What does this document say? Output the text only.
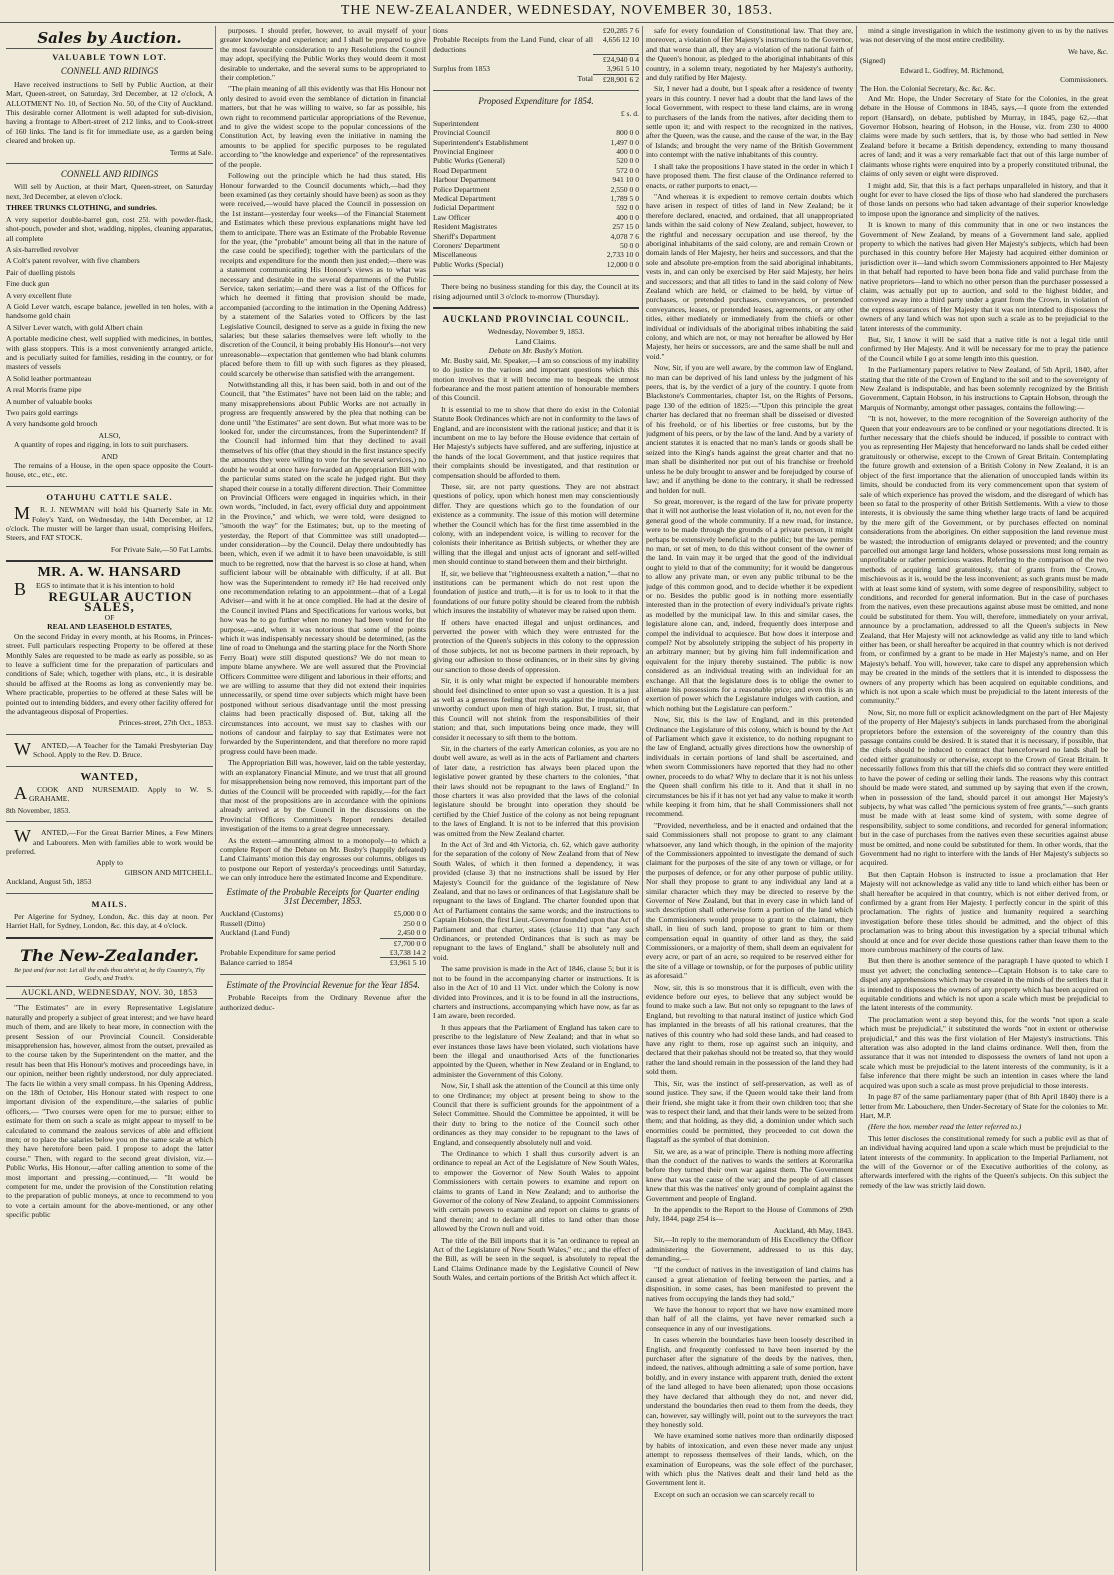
THE NEW-ZEALANDER, WEDNESDAY, NOVEMBER 30, 1853.
Sales by Auction.
VALUABLE TOWN LOT.
CONNELL AND RIDINGS

Have received instructions to Sell by Public Auction, at their Mart, Queen-street, on Saturday, 3rd December, at 12 o'clock, A ALLOTMENT No. 10, of Section No. 50, of the City of Auckland. This desirable corner Allotment is well adapted for sub-division, having a frontage to Albert-street of 212 links, and to Cook-street of 160 links. The land is fit for immediate use, as a garden being cleared and broken up.

Terms at Sale.
CONNELL AND RIDINGS

Will sell by Auction, at their Mart, Queen-street, on Saturday next, 3rd December, at eleven o'clock.

THREE TRUNKS CLOTHING, and sundries.

A very superior double-barrel gun, cost 25l. with powder-flask, shot-pouch, powder and shot, wadding, nipples, cleaning apparatus, all complete

A six-barrelled revolver

A Colt's patent revolver, with five chambers

Pair of duelling pistols

Fine duck gun

A very excellent flute

A Gold Lever watch, escape balance, jewelled in ten holes, with a handsome gold chain

A Silver Lever watch, with gold Albert chain

A portable medicine chest, well supplied with medicines, in bottles, with glass stoppers. This is a most conveniently arranged article, and is peculiarly suited for families, residing in the country, or for masters of vessels

A Solid leather portmanteau

A real Morris frame pipe

A number of valuable books

Two pairs gold earrings

A very handsome gold brooch

ALSO,

A quantity of ropes and rigging, in lots to suit purchasers.

AND

The remains of a House, in the open space opposite the Court-house, etc., etc., etc.

OTAHUHU CATTLE SALE.

MR. J. NEWMAN will hold his Quarterly Sale in Mr. Foley's Yard, on Wednesday, the 14th December, at 12 o'clock. The muster will be larger than usual, comprising Heifers, Steers, and FAT STOCK.

For Private Sale,—50 Fat Lambs.
MR. A. W. HANSARD

BEGS to intimate that it is his intention to hold

REGULAR AUCTION SALES,
OF
REAL AND LEASEHOLD ESTATES,

On the second Friday in every month, at his Rooms, in Princes-street. Full particulars respecting Property to be offered at these Monthly Sales are requested to be made as early as possible, so as to leave a sufficient time for the preparation of particulars and conditions of Sale; which, together with plans, etc., it is desirable should be affixed at the Rooms as long as conveniently may be. Where practicable, properties to be offered at these Sales will be pointed out to intending bidders, and every other facility offered for the advantageous disposal of Properties.

Princes-street, 27th Oct., 1853.

WANTED,—A Teacher for the Tamaki Presbyterian Day School. Apply to the Rev. D. Bruce.

WANTED,

ACOOK AND NURSEMAID. Apply to W. S. GRAHAME.

8th November, 1853.

WANTED,—For the Great Barrier Mines, a Few Miners and Labourers. Men with families able to work would be preferred.

Apply to
GIBSON AND MITCHELL.
Auckland, August 5th, 1853
MAILS.

Per Algerine for Sydney, London, &c. this day at noon. Per Harriet Hall, for Sydney, London, &c. this day, at 4 o'clock.

The New-Zealander.
Be just and fear not: Let all the ends thou aim'st at, be thy Country's, Thy God's, and Truth's.
AUCKLAND, WEDNESDAY, NOV. 30, 1853

"The Estimates" are in every Representative Legislature naturally and properly a subject of great interest; and we have heard much of them, and are likely to hear more, in connection with the present Session of our Provincial Council. Considerable misapprehension has, however, almost from the outset, prevailed as to the course taken by the Superintendent on the matter, and the result has been that His Honour's motives and proceedings have, in our opinion, neither been rightly understood, nor duly appreciated. The facts lie within a very small compass. In his Opening Address, on the 18th of October, His Honour stated with respect to one important division of the expenditure,—the salaries of public officers,— "Two courses were open for me to pursue; either to estimate for them on such a scale as might appear to myself to be calculated to command the zealous services of able and efficient men; or to place the salaries below you on the same scale at which they have heretofore been paid. I propose to adopt the latter course." Then, with regard to the second great division, viz.—Public Works, His Honour,—after calling attention to some of the most important and pressing,—continued,— "It would be competent for me, under the provision of the Constitution relating to the preparation of public moneys, at once to recommend to you to vote a certain amount for the above-mentioned, or any other specific public

purposes. I should prefer, however, to avail myself of your greater knowledge and experience; and I shall be prepared to give the most favourable consideration to any Resolutions the Council may adopt, specifying the Public Works they would deem it most desirable to undertake, and the several sums to be appropriated to their completion."

"The plain meaning of all this evidently was that His Honour not only desired to avoid even the semblance of dictation in financial matters, but that he was willing to waive, so far as possible, his own right to recommend particular appropriations of the Revenue, and to give the widest scope to the popular concessions of the Constitution Act, by leaving even the initiative in naming the amounts to be applied for specific purposes to be regulated according to "the knowledge and experience" of the representatives of the people.

Following out the principle which he had thus stated, His Honour forwarded to the Council documents which,—had they been examined (as they certainly should have been) as soon as they were received,—would have placed the Council in possession on the 1st instant—yesterday four weeks—of the Financial Statement and Estimates which these previous explanations might have led them to anticipate. There was an Estimate of the Probable Revenue for the year, (the "probable" amount being all that in the nature of the case could be specified); together with the particulars of the receipts and expenditure for the month then just ended;—there was a statement communicating His Honour's views as to what was necessary and desirable in the several departments of the Public Service, taken seriatim;—and there was a list of the Offices for which he deemed it fitting that provision should be made, accompanied (according to the intimation in the Opening Address) by a statement of the Salaries voted to Officers by the last Legislative Council, designed to serve as a guide in fixing the new salaries; but these salaries themselves were left wholly to the discretion of the Council, it being probably His Honour's—not very unreasonable—expectation that gentlemen who had blank columns placed before them to fill up with such figures as they pleased, could scarcely be otherwise than satisfied with the arrangement.

Notwithstanding all this, it has been said, both in and out of the Council, that "the Estimates" have not been laid on the table; and many misapprehensions about Public Works are not actually in progress are frequently answered by the plea that nothing can be done until "the Estimates" are sent down. But what more was to be looked for, under the circumstances, from the Superintendent? If the Council had informed him that they declined to avail themselves of his offer (that they should in the first instance specify the amounts they were willing to vote for the several services,) no doubt he would at once have forwarded an Appropriation Bill with the particular sums stated on the scale he judged right. But they shaped their course in a totally different direction. Their Committee on Provincial Officers were engaged in inquiries which, in their own words, "included, in fact, every official duty and appointment in the Province," and which, we were told, were designed to "smooth the way" for the Estimates; but, up to the meeting of yesterday, the Report of that Committee was still unadopted—under consideration—by the Council. Delay there undoubtedly has been, which, even if we admit it to have been unavoidable, is still much to be regretted, now that the harvest is so close at hand, when sufficient labour will be obtainable with difficulty, if at all. But how was the Superintendent to remedy it? He had received only one recommendation relating to an appointment—that of a Legal Adviser—and with it he at once complied. He had at the desire of the Council invited Plans and Specifications for various works, but how was he to go further when no money had been voted for the purpose,—and, when it was notorious that some of the points which it was indispensably necessary should be determined, (as the line of road to Onehunga and the starting place for the North Shore Ferry Boat) were still disputed questions? We do not mean to impute blame anywhere. We are well assured that the Provincial Officers Committee were diligent and laborious in their efforts; and we are willing to assume that they did not extend their inquiries unnecessarily, or spend time over subjects which might have been postponed without serious disadvantage until the most pressing claims had been practically disposed of. But, taking all the circumstances into account, we must say to clashes with our notions of candour and fairplay to say that Estimates were not forwarded by the Superintendent, and that therefore no more rapid progress could have been made.

The Appropriation Bill was, however, laid on the table yesterday, with an explanatory Financial Minute, and we trust that all ground for misapprehension being now removed, this important part of the duties of the Council will be proceeded with rapidly,—for the fact that most of the propositions are in accordance with the opinions already arrived at by the Council in the discussions on the Provincial Officers Committee's Report renders detailed investigation of the items to a great degree unnecessary.

As the extent—amounting almost to a monopoly—to which a complete Report of the Debate on Mr. Busby's (happily defeated) Land Claimants' motion this day engrosses our columns, obliges us to postpone our Report of yesterday's proceedings until Saturday, we can only introduce here the estimated Income and Expenditure.

Estimate of the Probable Receipts for Quarter ending 31st December, 1853.
Auckland (Customs)	£5,000 0 0
Russell (Ditto)	250 0 0
Auckland (Land Fund)	2,450 0 0
	£7,700 0 0
Probable Expenditure for same period	£3,738 14 2
Balance carried to 1854	£3,961 5 10
Estimate of the Provincial Revenue for the Year 1854.

Probable Receipts from the Ordinary Revenue after the authorized deduc-

tions	£20,285 7 6
Probable Receipts from the Land Fund, clear of all deductions	4,656 12 10
	£24,940 0 4
Surplus from 1853	3,961 5 10
Total	£28,901 6 2
Proposed Expenditure for 1854.
	£ s. d.
Superintendent	
Provincial Council	800 0 0
Superintendent's Establishment	1,497 0 0
Provincial Engineer	400 0 0
Public Works (General)	520 0 0
Road Department	572 0 0
Harbour Department	941 10 0
Police Department	2,550 0 0
Medical Department	1,789 5 0
Judicial Department	592 0 0
Law Officer	400 0 0
Resident Magistrates	257 15 0
Sheriff's Department	4,078 7 6
Coroners' Department	50 0 0
Miscellaneous	2,733 10 0
Public Works (Special)	12,000 0 0

There being no business standing for this day, the Council at its rising adjourned until 3 o'clock to-morrow (Thursday).

AUCKLAND PROVINCIAL COUNCIL.
Wednesday, November 9, 1853.
Land Claims.
Debate on Mr. Busby's Motion.

Mr. Busby said, Mr. Speaker,—I am so conscious of my inability to do justice to the various and important questions which this motion involves that it will become me to bespeak the utmost forbearance and the most patient attention of honourable members of this Council.

It is essential to me to show that there do exist in the Colonial Statute Book Ordinances which are not in conformity to the laws of England, and are inconsistent with the rational justice; and that it is incumbent on me to lay before the House evidence that certain of Her Majesty's subjects have suffered, and are suffering, injustice at the hands of the local Government, and that justice requires that their complaints should be investigated, and that restitution or compensation should be afforded to them.

These, sir, are not party questions. They are not abstract questions of policy, upon which honest men may conscientiously differ. They are questions which go to the foundation of our existence as a community. The issue of this motion will determine whether the Council which has for the first time assembled in the colony, with an independent voice, is willing to recover for the colonists their inheritance as British subjects, or whether they are willing that the illegal and unjust acts of ignorant and self-willed men should continue to stand between them and their birthright.

If, sir, we believe that "righteousness exalteth a nation,"—that no institutions can be permanent which do not rest upon the foundation of justice and truth,—it is for us to look to it that the foundations of our future polity should be cleared from the rubbish which insures the instability of whatever may be raised upon them.

If others have enacted illegal and unjust ordinances, and perverted the power with which they were entrusted for the protection of the Queen's subjects in this colony to the oppression of those subjects, let not us become partners in their reproach, by giving our adhesion to those ordinances, or in their sins by giving our sanction to those deeds of oppression.

Sir, it is only what might be expected if honourable members should feel disinclined to enter upon so vast a question. It is a just as well as a generous feeling that revolts against the imputation of unworthy conduct upon men of high station. But, I trust, sir, that this Council will not shrink from the responsibilities of their station; and that, such imputations being once made, they will consider it necessary to sift them to the bottom.

Sir, in the charters of the early American colonies, as you are no doubt well aware, as well as in the acts of Parliament and charters of later date, a restriction has always been placed upon the legislative power granted by these charters to the colonies, "that their laws should not be repugnant to the laws of England." In those charters it was also provided that the laws of the colonial legislature should be brought into operation they should be certified by the Chief Justice of the colony as not being repugnant to the laws of England. It is not to be inferred that this provision was omitted from the New Zealand charter.

In the Act of 3rd and 4th Victoria, ch. 62, which gave authority for the separation of the colony of New Zealand from that of New South Wales, of which it then formed a dependency, it was provided (clause 3) that no instructions shall be issued by Her Majesty's Council for the guidance of the legislature of New Zealand, and that no laws or ordinances of that Legislature shall be repugnant to the laws of England. The charter founded upon that Act of Parliament contains the same words; and the instructions to Captain Hobson, the first Lieut.-Governor founded upon that Act of Parliament and that charter, states (clause 11) that "any such Ordinances, or pretended Ordinances that is such as may be repugnant to the laws of England," shall be absolutely null and void.

The same provision is made in the Act of 1846, clause 5; but it is not to be found in the accompanying charter or instructions. It is also in the Act of 10 and 11 Vict. under which the Colony is now divided into Provinces, and it is to be found in all the instructions, charters and instructions, accompanying which have now, as far as I am aware, been recorded.

It thus appears that the Parliament of England has taken care to prescribe to the legislature of New Zealand; and that in what so ever instances those laws have been violated, such violations have been the illegal and unauthorised Acts of the functionaries appointed by the Queen, whether in New Zealand or in England, to administer the Government of this Colony.

Now, Sir, I shall ask the attention of the Council at this time only to one Ordinance; my object at present being to show to the Council that there is sufficient grounds for the appointment of a Select Committee. Should the Committee be appointed, it will be their duty to bring to the notice of the Council such other ordinances as they may consider to be repugnant to the laws of England, and consequently absolutely null and void.

The Ordinance to which I shall thus cursorily advert is an ordinance to repeal an Act of the Legislature of New South Wales, to empower the Governor of New South Wales to appoint Commissioners with certain powers to examine and report on claims to grants of Land in New Zealand; and to authorise the Governor of the colony of New Zealand, to appoint Commissioners with certain powers to examine and report on claims to grants of land therein; and to declare all titles to land other than those allowed by the Crown null and void.

The title of the Bill imports that it is "an ordinance to repeal an Act of the Legislature of New South Wales," etc.; and the effect of the Bill, as will be seen in the sequel, is absolutely to repeal the Land Claims Ordinance made by the Legislative Council of New South Wales, and certain portions of the British Act which affect it.

safe for every foundation of Constitutional law. That they are, moreover, a violation of Her Majesty's instructions to the Governor, and that worse than all, they are a violation of the national faith of the Queen's honour, as pledged to the aboriginal inhabitants of this country, in a solemn treaty, negotiated by her Majesty's authority, and duly ratified by Her Majesty.

Sir, I never had a doubt, but I speak after a residence of twenty years in this country. I never had a doubt that the land laws of the local Government, with respect to these land claims, are in wrong to purchasers of the lands from the natives, after deciding them to settle upon it; and with respect to the recognized in the natives, after the Queen, was the cause, and the cause of the war, in the Bay of Islands; and brought the very name of the British Government into contempt with the native inhabitants of this country.

I shall take the propositions I have stated in the order in which I have proposed them. The first clause of the Ordinance referred to enacts, or rather purports to enact,—

"And whereas it is expedient to remove certain doubts which have arisen in respect of titles of land in New Zealand; be it therefore declared, enacted, and ordained, that all unappropriated lands within the said colony of New Zealand, subject, however, to the rightful and necessary occupation and use thereof, by the aboriginal inhabitants of the said colony, are and remain Crown or domain lands of Her Majesty, her heirs and successors, and that the sole and absolute pre-emption from the said aboriginal inhabitants, vests in, and can only be exercised by Her said Majesty, her heirs and successors; and that all titles to land in the said colony of New Zealand which are held, or claimed to be held, by virtue of purchases, or pretended purchases, conveyances, or pretended conveyances, leases, or pretended leases, agreements, or any other titles, either mediately or immediately from the chiefs or other individual or individuals of the aboriginal tribes inhabiting the said colony, and which are not, or may not hereafter be allowed by Her Majesty, her heirs or successors, are and the same shall be null and void."

Now, Sir, if you are well aware, by the common law of England, no man can be deprived of his land unless by the judgment of his peers, that is, by the verdict of a jury of the country. I quote from Blackstone's Commentaries, chapter 1st, on the Rights of Persons, page 130 of the edition of 1825:—"Upon this principle the great charter has declared that no freeman shall be disseised or divested of his freehold, or of his liberties or free customs, but by the judgment of his peers, or by the law of the land. And by a variety of ancient statutes it is enacted that no man's lands or goods shall be seized into the King's hands against the great charter and that no man shall be disinherited nor put out of his franchise or freehold unless he be duly brought to answer and be forejudged by course of law; and if anything be done to the contrary, it shall be redressed and holden for null.

So great, moreover, is the regard of the law for private property that it will not authorise the least violation of it, no, not even for the general good of the whole community. If a new road, for instance, were to be made through the grounds of a private person, it might perhaps be extensively beneficial to the public; but the law permits no man, or set of men, to do this without consent of the owner of the land. In vain may it be urged that the good of the individual ought to yield to that of the community; for it would be dangerous to allow any private man, or even any public tribunal to be the judge of this common good, and to decide whether it be expedient or no. Besides the public good is in nothing more essentially interested than in the protection of every individual's private rights as modelled by the municipal law. In this and similar cases, the legislature alone can, and, indeed, frequently does interpose and compel the individual to acquiesce. But how does it interpose and compel? Not by absolutely stripping the subject of his property in an arbitrary manner; but by giving him full indemnification and equivalent for the injury thereby sustained. The public is now considered as an individual treating with an individual for an exchange. All that the legislature does is to oblige the owner to alienate his possessions for a reasonable price; and even this is an exertion of power which the Legislature indulges with caution, and which nothing but the Legislature can perform."

Now, Sir, this is the law of England, and in this pretended Ordinance the Legislature of this colony, which is bound by the Act of Parliament which gave it existence, to do nothing repugnant to the law of England, actually gives directions how the ownership of individuals in certain portions of land shall be ascertained, and when sworn Commissioners have reported that they had no other owner, proceeds to do what? Why to declare that it is not his unless the Queen shall confirm his title to it. And that it shall in no circumstances be his if it has not yet had any value to make it worth while keeping it from him, that he shall Commissioners shall not recommend.

"Provided, nevertheless, and be it enacted and ordained that the said Commissioners shall not propose to grant to any claimant whatsoever, any land which though, in the opinion of the majority of the Commissioners appointed to investigate the demand of such claimant for the purposes of the site of any town or village, or for the purposes of defence, or for any other purpose of public utility. Nor shall they propose to grant to any individual any land at a similar character which they may be directed to reserve by the Governor of New Zealand, but that in every case in which land of such description shall otherwise form a portion of the land which the Commissioners would propose to grant to the claimant, they shall, in lieu of such land, propose to grant to him or them compensation equal in quantity of other land as they, the said Commissioners, or a majority of them, shall deem an equivalent for every acre, or part of an acre, so required to be reserved either for the site of a village or township, or for the purposes of public utility as aforesaid."

Now, sir, this is so monstrous that it is difficult, even with the evidence before our eyes, to believe that any subject would be found to make such a law. But not only so repugnant to the laws of England, but revolting to that natural instinct of justice which God has implanted in the breasts of all his rational creatures, that the natives of this country who had sold these lands, and had ceased to have any right to them, rose up against such an iniquity, and declared that their pakehas should not be treated so, that they would rather the land should remain in the possession of the land they had sold them.

This, Sir, was the instinct of self-preservation, as well as of sound justice. They saw, if the Queen would take their land from their friend, she might take it from their own children too; that she was to respect their land, and that their lands were to be seized from them; and that holding, as they did, a dominion under which such enormities could be permitted, they proceeded to cut down the flagstaff as the symbol of that dominion.

Sir, we are, as a war of principle. There is nothing more affecting than the conduct of the natives to wards the settlers at Kororarika before they turned their own war against them. The Government knew that was the cause of the war; and the people of all classes knew that this was the natives' only ground of complaint against the Government and people of England.

In the appendix to the Report to the House of Commons of 29th July, 1844, page 254 is—

Auckland, 4th May, 1843.

Sir,—In reply to the memorandum of His Excellency the Officer administering the Government, addressed to us this day, demanding,—

"If the conduct of natives in the investigation of land claims has caused a great alienation of feeling between the parties, and a disposition, in some cases, has been manifested to prevent the natives from occupying the lands they had sold,"

We have the honour to report that we have now examined more than half of all the claims, yet have never remarked such a consequence in any of our investigations.

In cases wherein the boundaries have been loosely described in English, and frequently confessed to have been inserted by the purchaser after the signature of the deeds by the natives, then, indeed, the natives, although admitting a sale of some portion, have boldly, and in every instance with apparent truth, denied the extent of the land alleged to have been alienated; upon those occasions they have declared that although they do not, and never did, understand the boundaries then read to them from the deeds, they can, however, say willingly will, point out to the surveyors the tract they honestly sold.

We have examined some natives more than ordinarily disposed by habits of intoxication, and even these never made any unjust attempt to repossess themselves of their lands, which, on the examination of Europeans, was the sole effect of the purchaser, with which plus the Natives dealt and their land held as the Government lent it.

Except on such an occasion we can scarcely recall to

mind a single investigation in which the testimony given to us by the natives was not deserving of the most entire credibility.

We have, &c.
(Signed)
Edward L. Godfrey, M. Richmond,
Commissioners.
The Hon. the Colonial Secretary, &c. &c. &c.

And Mr. Hope, the Under Secretary of State for the Colonies, in the great debate in the House of Commons in 1845, says,—I quote from the extended report (Hansard), on debate, published by Murray, in 1845, page 62,—that Governor Hobson, hearing of Hobson, in the House, viz. from 230 to 4000 claims were made by such settlers, that is, by those who had settled in New Zealand before it became a British dependency, extending to many thousand acres of land; and it was a very remarkable fact that out of this large number of claimants whose rights were enquired into by a properly constituted tribunal, the claims of only seven or eight were disproved.

I might add, Sir, that this is a fact perhaps unparalleled in history, and that it ought for ever to have closed the lips of those who had slandered the purchasers of those lands on persons who had taken advantage of their superior knowledge to impose upon the ignorance and simplicity of the natives.

It is known to many of this community that in one or two instances the Government of New Zealand, by means of a Government land sale, applied property to which the natives had given Her Majesty's subjects, which had been purchased in this country before Her Majesty had acquired either dominion or jurisdiction over it—land which sworn Commissioners appointed to Her Majesty in that behalf had reported to have been bona fide and valid purchase from the native proprietors—land to which no other person than the purchaser possessed a claim, was actually put up to auction, and sold to the highest bidder, and conveyed away into a third party under a grant from the Crown, in violation of the express assurances of Her Majesty that it was not intended to dispossess the owners of any land which was not upon such a scale as to be prejudicial to the latent interests of the community.

But, Sir, I know it will be said that a native title is not a legal title until confirmed by Her Majesty. And it will be necessary for me to pray the patience of the Council while I go at some length into this question.

In the Parliamentary papers relative to New Zealand, of 5th April, 1840, after stating that the title of the Crown of England to the soil and to the sovereignty of New Zealand is indisputable, and has been solemnly recognized by the British Government, Captain Hobson, in his instructions to Captain Hobson, through the Marquis of Normanby, amongst other passages, contains the following:—

"It is not, however, to the mere recognition of the Sovereign authority of the Queen that your endeavours are to be confined or your negotiations directed. It is further necessary that the chiefs should be induced, if possible to contract with you as representing Her Majesty that henceforward no lands shall be ceded either gratuitously or otherwise, except to the Crown of Great Britain. Contemplating the future growth and extension of a British Colony in New Zealand, it is an object of the first importance that the alienation of unoccupied lands within its limits, should be conducted from its very commencement upon that system of sale of which experience has proved the wisdom, and the disregard of which has been so fatal to the prosperity of other British Settlements. With a view to those interests, it is obviously the same thing whether large tracts of land be acquired by the mere gift of the Government, or by purchases effected on nominal considerations from the aborigines. On either supposition the land revenue must be wasted; the introduction of emigrants delayed or prevented; and the country parcelled out amongst large land holders, whose possessions must long remain as unprofitable or rather pernicious wastes. Referring to the comparison of the two methods of acquiring land gratuitously, that of grants from the Crown, mischievous as it is, would be the less inconvenient; as such grants must be made with at least some kind of system, with some degree of responsibility, subject to conditions, and recorded for general information. But in the case of purchases from the natives, even these precautions against abuse must be omitted, and none could be substituted for them. You will, therefore, immediately on your arrival, announce by a proclamation, addressed to all the Queen's subjects in New Zealand, that Her Majesty will not acknowledge as valid any title to land which either has been, or shall hereafter be acquired in that country which is not derived from, or confirmed by a grant to be made in Her Majesty's name, and on Her Majesty's behalf. You will, however, take care to dispel any apprehension which may be created in the minds of the settlers that it is intended to dispossess the owners of any property which has been acquired on equitable conditions, and which is not upon a scale which must be prejudicial to the latent interests of the community."

Now, Sir, no more full or explicit acknowledgment on the part of Her Majesty of the property of Her Majesty's subjects in lands purchased from the aboriginal proprietors before the extension of the sovereignty of the country than this passage contains could be desired. It is stated that it is necessary, if possible, that the chiefs should be induced to contract that henceforward no lands shall be ceded either gratuitously or otherwise, except to the Crown of Great Britain. It necessarily follows from this that till the chiefs did so contract they were entitled to have the power of ceding or selling their lands. The reasons why this contract should be made were stated, and summed up by saying that even if the crown, when in possession of the land, should parcel it out amongst Her Majesty's subjects, by what was called "the pernicious system of free grants,"—such grants must be made with at least some kind of system, with some degree of responsibility, subject to some conditions, and recorded for general information; but in the case of purchases from the natives even these securities against abuse must be omitted, and none could be substituted for them. In other words, that the Government had no right to interfere with the lands of Her Majesty's subjects so acquired.

But then Captain Hobson is instructed to issue a proclamation that Her Majesty will not acknowledge as valid any title to land which either has been or shall hereafter be acquired in that country, which is not either derived from, or confirmed by a grant from Her Majesty. I perfectly concur in the spirit of this proclamation. The rights of justice and humanity required a searching investigation before these titles should be admitted, and the object of this proclamation was to bring about this investigation by a special tribunal which should at once and for ever decide those questions rather than leave them to the more cumbrous machinery of the courts of law.

But then there is another sentence of the paragraph I have quoted to which I must yet advert; the concluding sentence—Captain Hobson is to take care to dispel any apprehensions which may be created in the minds of the settlers that it is intended to dispossess the owners of any property which has been acquired on equitable conditions and which is not upon a scale which must be prejudicial to the latent interests of the community.

The proclamation went a step beyond this, for the words "not upon a scale which must be prejudicial," it substituted the words "not in extent or otherwise prejudicial," and this was the first violation of Her Majesty's instructions. This alteration was also adopted in the land claims ordinance. Well then, from the assurance that it was not intended to dispossess the owners of land not upon a scale which must be prejudicial to the latent interests of the community, is it a false inference that there might be such an intention in cases where the land acquired was upon such a scale as must prove prejudicial to those interests.

In page 87 of the same parliamentary paper (that of 8th April 1840) there is a letter from Mr. Labouchere, then Under-Secretary of State for the colonies to Mr. Hart, M.P.

(Here the hon. member read the letter referred to.)

This letter discloses the constitutional remedy for such a public evil as that of an individual having acquired land upon a scale which must be prejudicial to the latent interests of the community. In application to the Imperial Parliament, not the will of the Governor or of the Executive authorities of the colony, as afterwards interfered with the rights of the Queen's subjects. On this subject the remedy of the law was strictly laid down.
